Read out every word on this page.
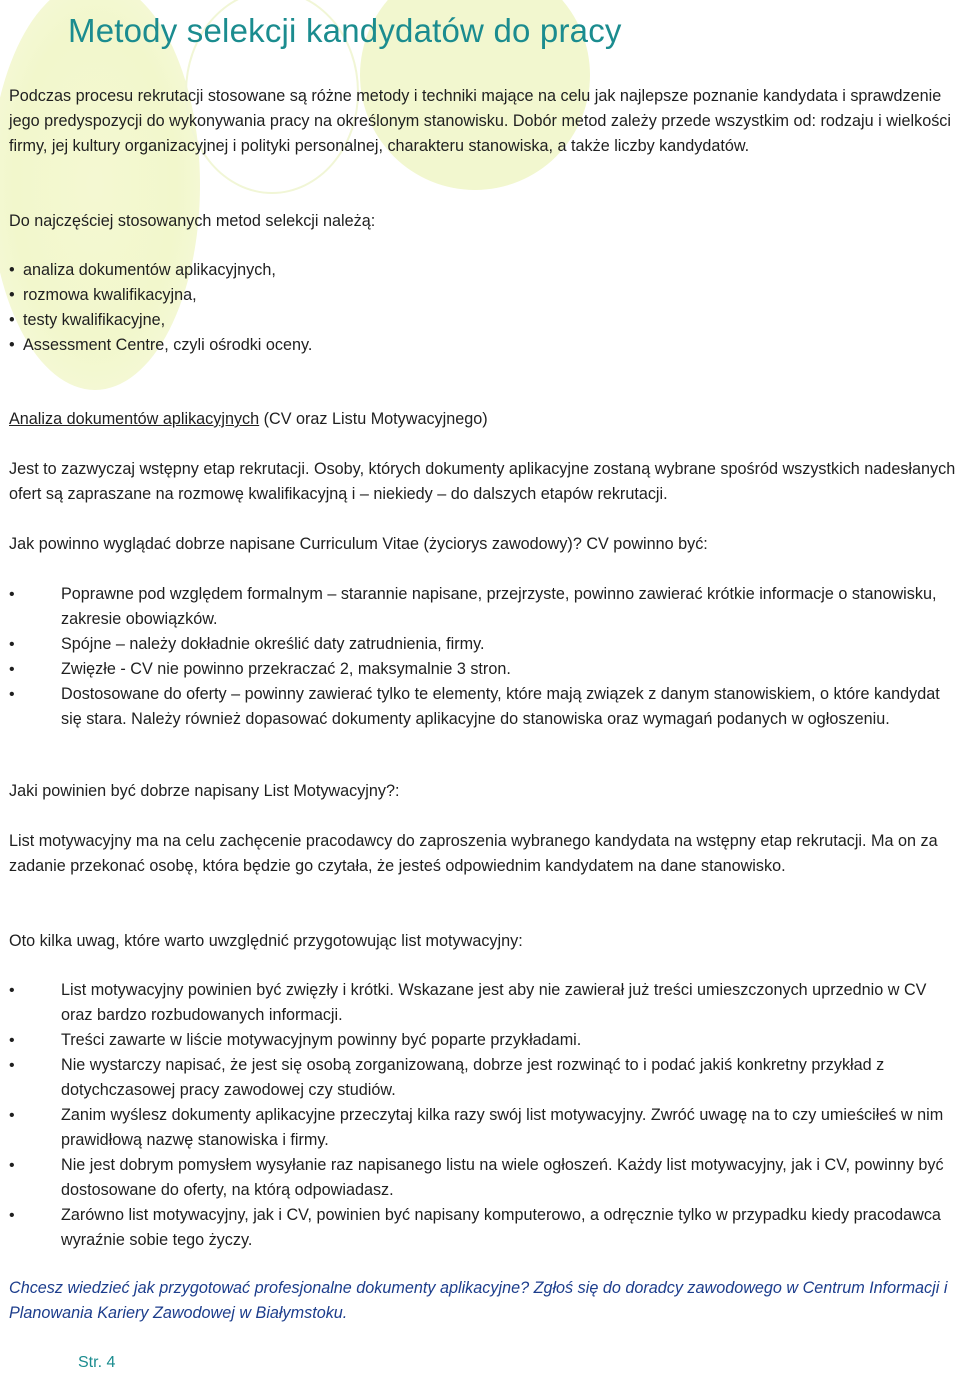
Metody selekcji kandydatów do pracy

Podczas procesu rekrutacji stosowane są różne metody i techniki mające na celu jak najlepsze poznanie kandydata i sprawdzenie jego predyspozycji do wykonywania pracy na określonym stanowisku. Dobór metod zależy przede wszystkim od: rodzaju i wielkości firmy, jej kultury organizacyjnej i polityki personalnej, charakteru stanowiska, a także liczby kandydatów.

Do najczęściej stosowanych metod selekcji należą:

• analiza dokumentów aplikacyjnych,
• rozmowa kwalifikacyjna,
• testy kwalifikacyjne,
• Assessment Centre, czyli ośrodki oceny.

Analiza dokumentów aplikacyjnych (CV oraz Listu Motywacyjnego)

Jest to zazwyczaj wstępny etap rekrutacji. Osoby, których dokumenty aplikacyjne zostaną wybrane spośród wszystkich nadesłanych ofert są zapraszane na rozmowę kwalifikacyjną i – niekiedy – do dalszych etapów rekrutacji.

Jak powinno wyglądać dobrze napisane Curriculum Vitae (życiorys zawodowy)? CV powinno być:

• Poprawne pod względem formalnym – starannie napisane, przejrzyste, powinno zawierać krótkie informacje o stanowisku, zakresie obowiązków.
• Spójne – należy dokładnie określić daty zatrudnienia, firmy.
• Zwięzłe - CV nie powinno przekraczać 2, maksymalnie 3 stron.
• Dostosowane do oferty – powinny zawierać tylko te elementy, które mają związek z danym stanowiskiem, o które kandydat się stara. Należy również dopasować dokumenty aplikacyjne do stanowiska oraz wymagań podanych w ogłoszeniu.

Jaki powinien być dobrze napisany List Motywacyjny?:

List motywacyjny ma na celu zachęcenie pracodawcy do zaproszenia wybranego kandydata na wstępny etap rekrutacji. Ma on za zadanie przekonać osobę, która będzie go czytała, że jesteś odpowiednim kandydatem na dane stanowisko.

Oto kilka uwag, które warto uwzględnić przygotowując list motywacyjny:

• List motywacyjny powinien być zwięzły i krótki. Wskazane jest aby nie zawierał już treści umieszczonych uprzednio w CV oraz bardzo rozbudowanych informacji.
• Treści zawarte w liście motywacyjnym powinny być poparte przykładami.
• Nie wystarczy napisać, że jest się osobą zorganizowaną, dobrze jest rozwinąć to i podać jakiś konkretny przykład z dotychczasowej pracy zawodowej czy studiów.
• Zanim wyślesz dokumenty aplikacyjne przeczytaj kilka razy swój list motywacyjny. Zwróć uwagę na to czy umieściłeś w nim prawidłową nazwę stanowiska i firmy.
• Nie jest dobrym pomysłem wysyłanie raz napisanego listu na wiele ogłoszeń. Każdy list motywacyjny, jak i CV, powinny być dostosowane do oferty, na którą odpowiadasz.
• Zarówno list motywacyjny, jak i CV, powinien być napisany komputerowo, a odręcznie tylko w przypadku kiedy pracodawca wyraźnie sobie tego życzy.

Chcesz wiedzieć jak przygotować profesjonalne dokumenty aplikacyjne? Zgłoś się do doradcy zawodowego w Centrum Informacji i Planowania Kariery Zawodowej w Białymstoku.

Str. 4
